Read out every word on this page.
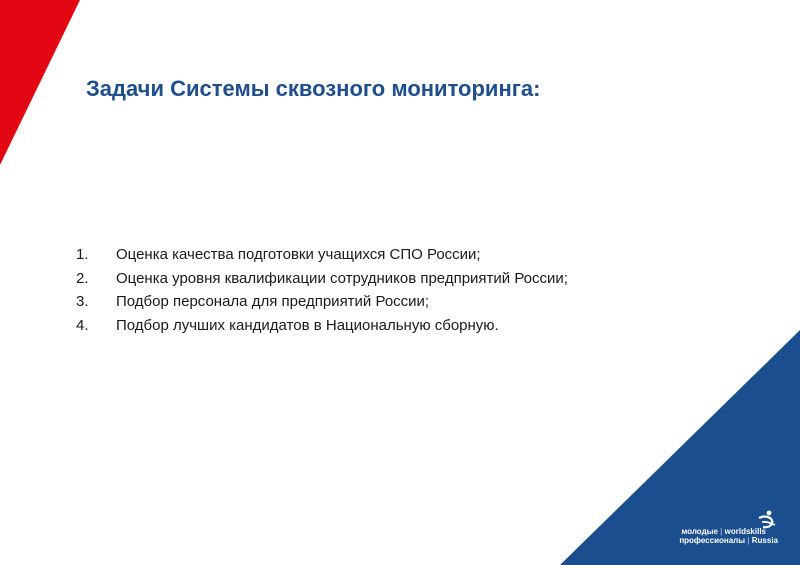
Задачи Системы сквозного мониторинга:
1.	Оценка качества подготовки учащихся СПО России;
2.	Оценка уровня квалификации сотрудников предприятий России;
3.	Подбор персонала для предприятий России;
4.	Подбор лучших кандидатов в Национальную сборную.
молодые | worldskills
профессионалы | Russia
